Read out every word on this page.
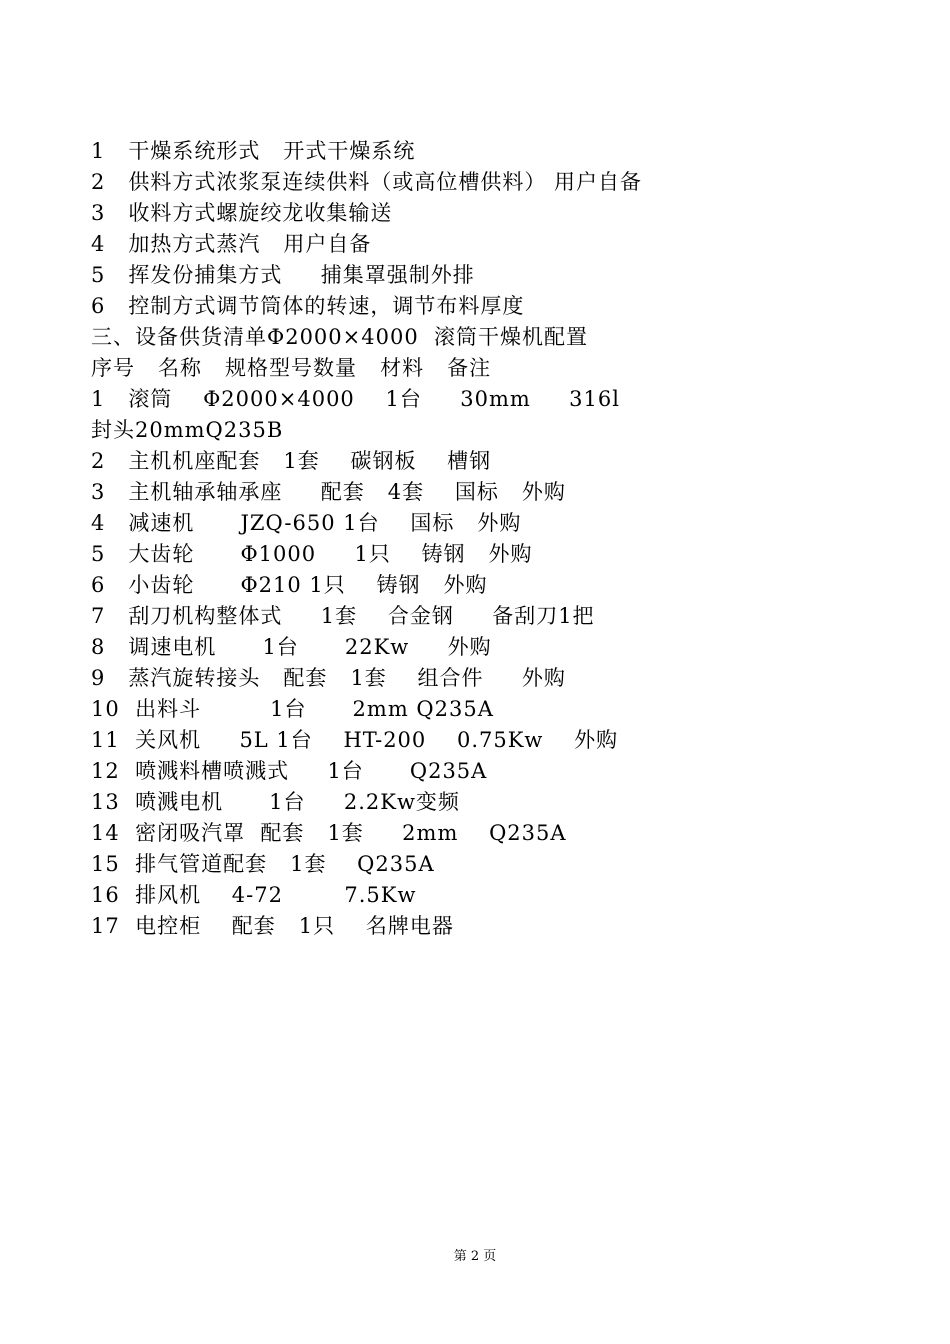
1   干燥系统形式   开式干燥系统
2   供料方式浓浆泵连续供料（或高位槽供料） 用户自备
3   收料方式螺旋绞龙收集输送
4   加热方式蒸汽   用户自备
5   挥发份捕集方式     捕集罩强制外排
6   控制方式调节筒体的转速，调节布料厚度
三、设备供货清单Φ2000×4000  滚筒干燥机配置
序号   名称   规格型号数量   材料   备注
1   滚筒    Φ2000×4000    1台     30mm     316l
封头20mmQ235B
2   主机机座配套   1套    碳钢板    槽钢
3   主机轴承轴承座     配套   4套    国标   外购
4   减速机      JZQ-650 1台    国标   外购
5   大齿轮      Φ1000     1只    铸钢   外购
6   小齿轮      Φ210 1只    铸钢   外购
7   刮刀机构整体式     1套    合金钢     备刮刀1把
8   调速电机      1台      22Kw     外购
9   蒸汽旋转接头   配套   1套    组合件     外购
10  出料斗         1台      2mm Q235A
11  关风机     5L 1台    HT-200    0.75Kw    外购
12  喷溅料槽喷溅式     1台      Q235A
13  喷溅电机      1台     2.2Kw变频
14  密闭吸汽罩  配套   1套     2mm    Q235A
15  排气管道配套   1套    Q235A
16  排风机    4-72        7.5Kw
17  电控柜    配套   1只    名牌电器
第 2 页
